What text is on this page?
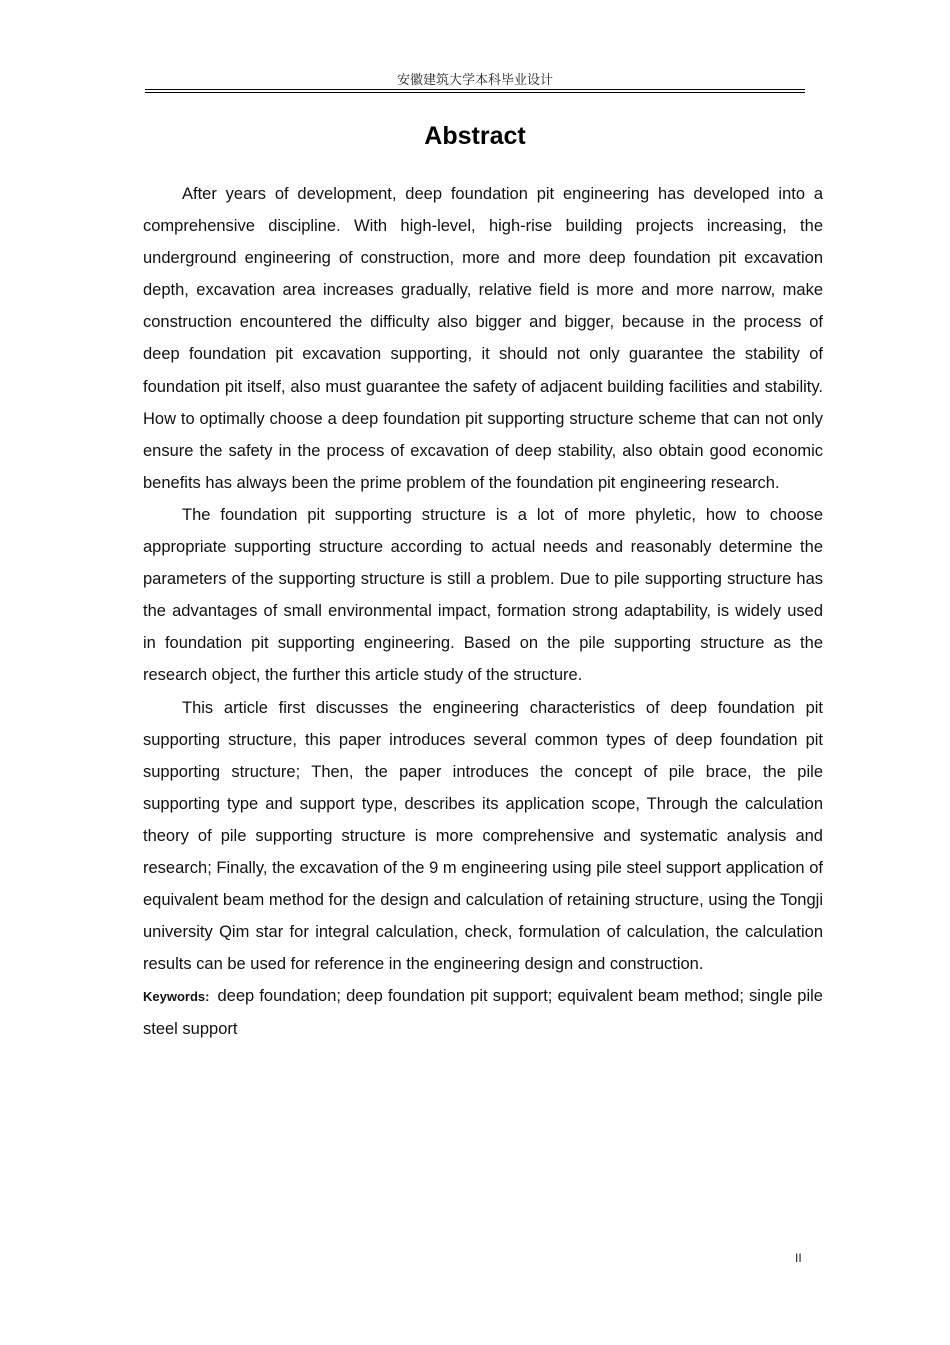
安徽建筑大学本科毕业设计
Abstract

After years of development, deep foundation pit engineering has developed into a comprehensive discipline. With high-level, high-rise building projects increasing, the underground engineering of construction, more and more deep foundation pit excavation depth, excavation area increases gradually, relative field is more and more narrow, make construction encountered the difficulty also bigger and bigger, because in the process of deep foundation pit excavation supporting, it should not only guarantee the stability of foundation pit itself, also must guarantee the safety of adjacent building facilities and stability. How to optimally choose a deep foundation pit supporting structure scheme that can not only ensure the safety in the process of excavation of deep stability, also obtain good economic benefits has always been the prime problem of the foundation pit engineering research.

The foundation pit supporting structure is a lot of more phyletic, how to choose appropriate supporting structure according to actual needs and reasonably determine the parameters of the supporting structure is still a problem. Due to pile supporting structure has the advantages of small environmental impact, formation strong adaptability, is widely used in foundation pit supporting engineering. Based on the pile supporting structure as the research object, the further this article study of the structure.

This article first discusses the engineering characteristics of deep foundation pit supporting structure, this paper introduces several common types of deep foundation pit supporting structure; Then, the paper introduces the concept of pile brace, the pile supporting type and support type, describes its application scope, Through the calculation theory of pile supporting structure is more comprehensive and systematic analysis and research; Finally, the excavation of the 9 m engineering using pile steel support application of equivalent beam method for the design and calculation of retaining structure, using the Tongji university Qim star for integral calculation, check, formulation of calculation, the calculation results can be used for reference in the engineering design and construction.

Keywords: deep foundation; deep foundation pit support; equivalent beam method; single pile steel support

II
